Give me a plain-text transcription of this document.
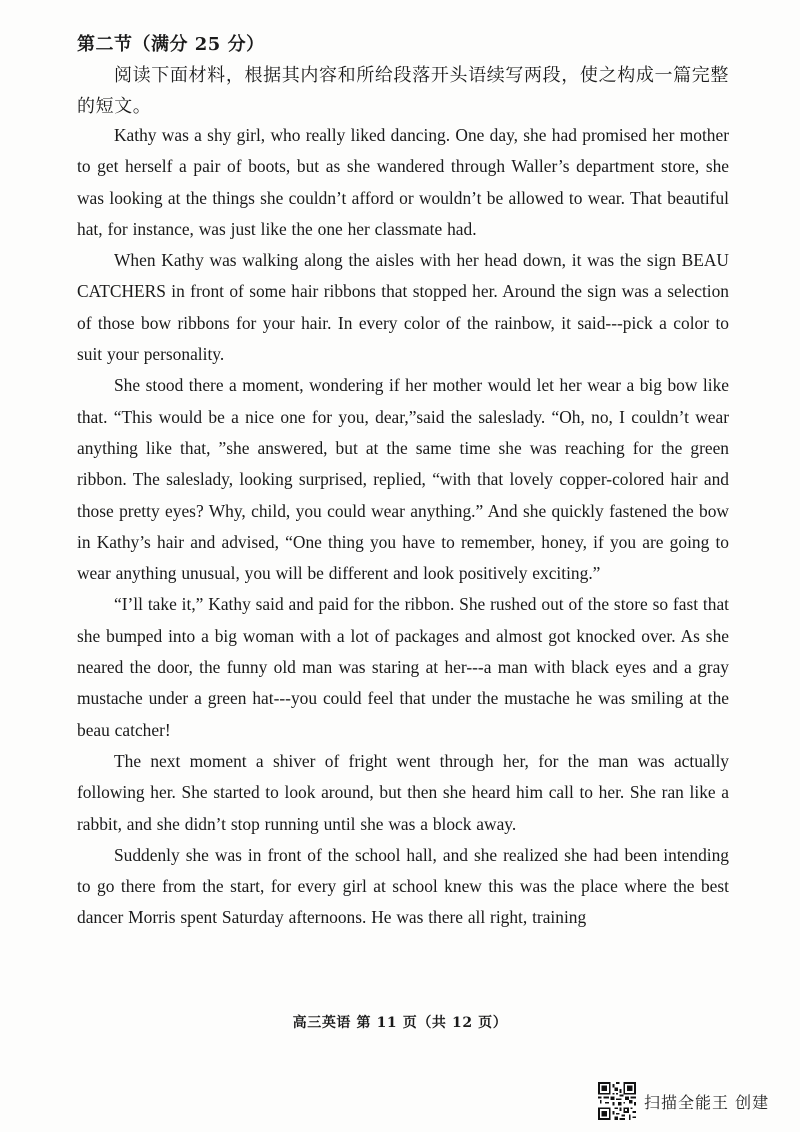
第二节（满分 25 分）
阅读下面材料，根据其内容和所给段落开头语续写两段，使之构成一篇完整的短文。

Kathy was a shy girl, who really liked dancing. One day, she had promised her mother to get herself a pair of boots, but as she wandered through Waller’s department store, she was looking at the things she couldn’t afford or wouldn’t be allowed to wear. That beautiful hat, for instance, was just like the one her classmate had.

When Kathy was walking along the aisles with her head down, it was the sign BEAU CATCHERS in front of some hair ribbons that stopped her. Around the sign was a selection of those bow ribbons for your hair. In every color of the rainbow, it said---pick a color to suit your personality.

She stood there a moment, wondering if her mother would let her wear a big bow like that. “This would be a nice one for you, dear,”said the saleslady. “Oh, no, I couldn’t wear anything like that, ”she answered, but at the same time she was reaching for the green ribbon. The saleslady, looking surprised, replied, “with that lovely copper-colored hair and those pretty eyes? Why, child, you could wear anything.” And she quickly fastened the bow in Kathy’s hair and advised, “One thing you have to remember, honey, if you are going to wear anything unusual, you will be different and look positively exciting.”

“I’ll take it,” Kathy said and paid for the ribbon. She rushed out of the store so fast that she bumped into a big woman with a lot of packages and almost got knocked over. As she neared the door, the funny old man was staring at her---a man with black eyes and a gray mustache under a green hat---you could feel that under the mustache he was smiling at the beau catcher!

The next moment a shiver of fright went through her, for the man was actually following her. She started to look around, but then she heard him call to her. She ran like a rabbit, and she didn’t stop running until she was a block away.

Suddenly she was in front of the school hall, and she realized she had been intending to go there from the start, for every girl at school knew this was the place where the best dancer Morris spent Saturday afternoons. He was there all right, training

高三英语 第 11 页（共 12 页）
扫描全能王 创建
